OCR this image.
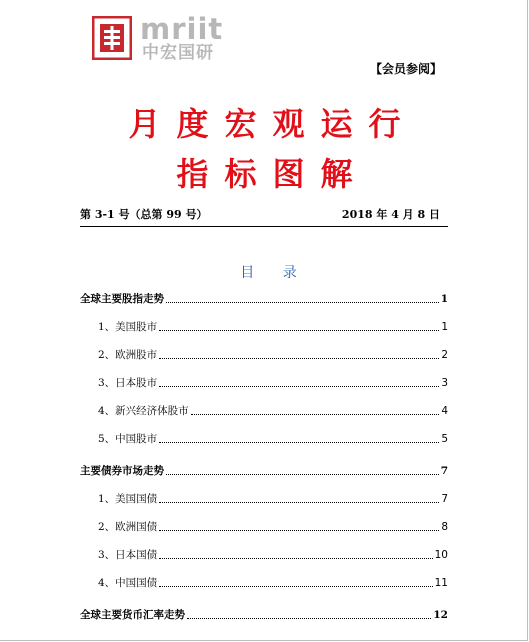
mriit
中宏国研
【会员参阅】
月度宏观运行
指标图解
第 3-1 号（总第 99 号）	2018 年 4 月 8 日
目 录
全球主要股指走势	1
1、美国股市	1
2、欧洲股市	2
3、日本股市	3
4、新兴经济体股市	4
5、中国股市	5
主要债券市场走势	7
1、美国国债	7
2、欧洲国债	8
3、日本国债	10
4、中国国债	11
全球主要货币汇率走势	12
